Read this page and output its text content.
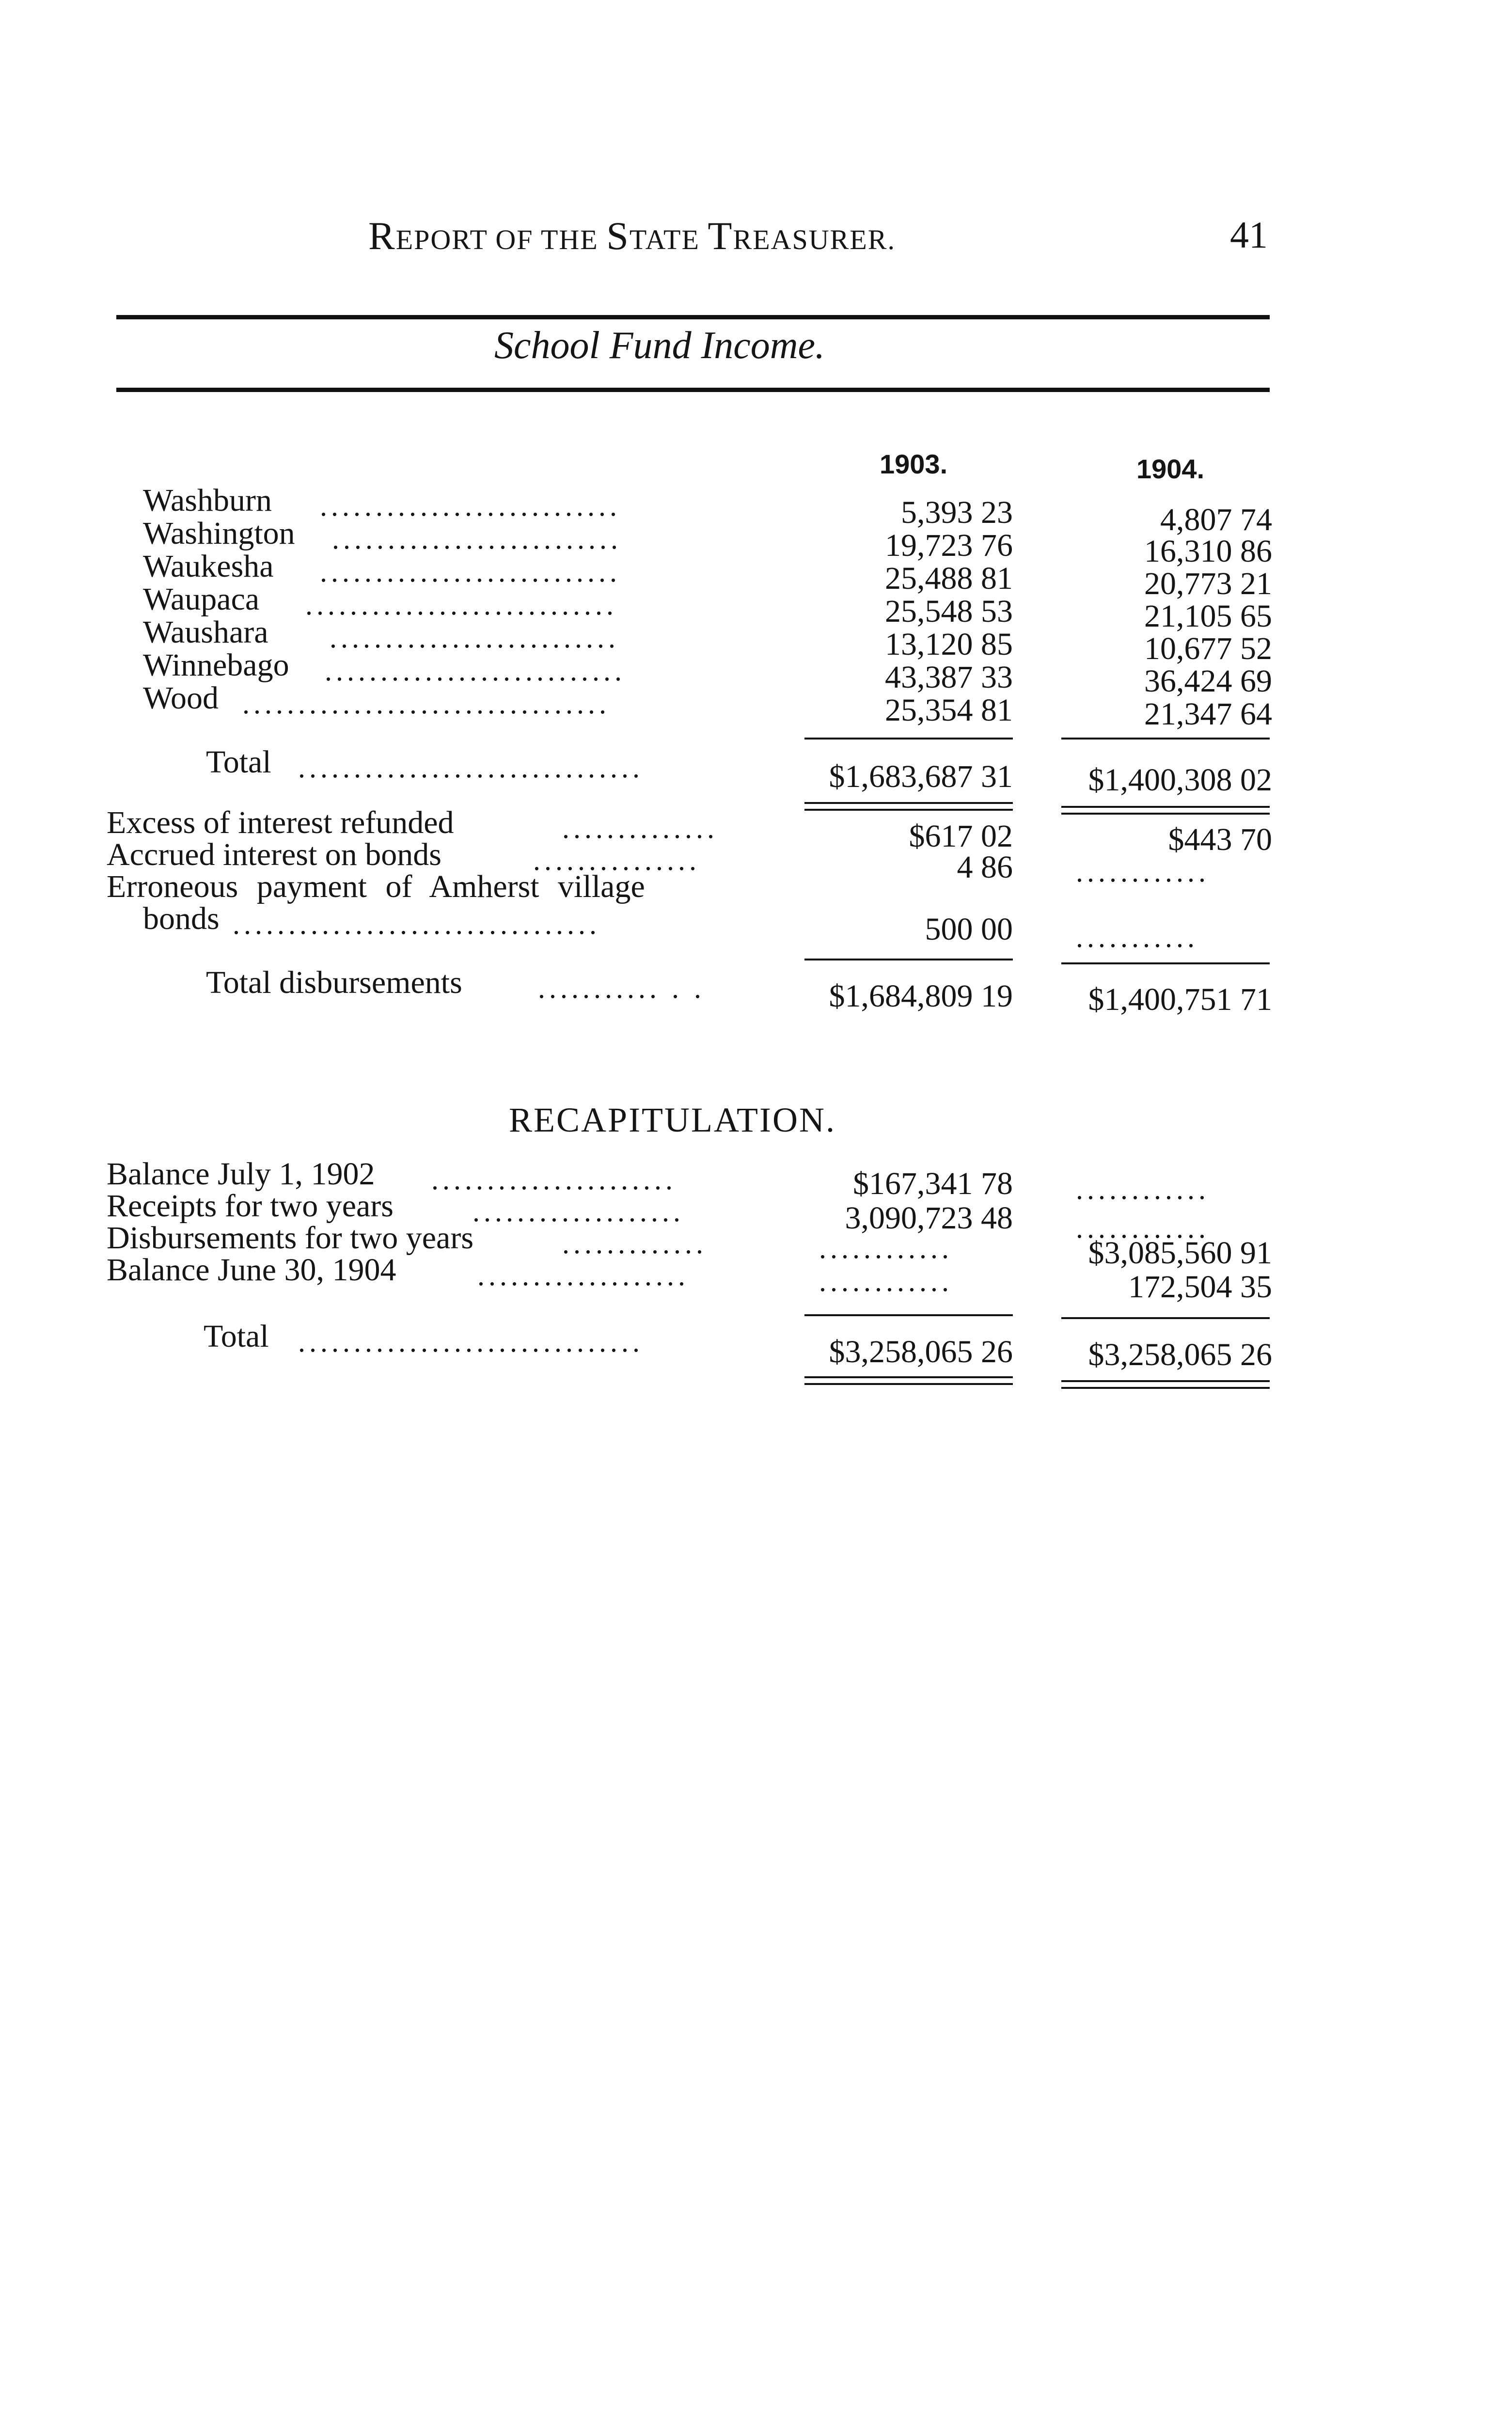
REPORT OF THE STATE TREASURER.	41
School Fund Income.
1903.	1904.
Washburn ...........................	5,393 23	4,807 74
Washington ..........................	19,723 76	16,310 86
Waukesha ...........................	25,488 81	20,773 21
Waupaca ............................	25,548 53	21,105 65
Waushara ..........................	13,120 85	10,677 52
Winnebago ...........................	43,387 33	36,424 69
Wood .................................	25,354 81	21,347 64
Total ...............................	$1,683,687 31	$1,400,308 02
Excess of interest refunded	..............	$617 02	$443 70
Accrued interest on bonds	...............	4 86 ............
Erroneous payment of Amherst village
bonds .................................	500 00 ...........
Total disbursements	........... . .	$1,684,809 19	$1,400,751 71
RECAPITULATION.
Balance July 1, 1902 ......................	$167,341 78 ............
Receipts for two years	...................	3,090,723 48 ............
Disbursements for two years	.............	............	$3,085,560 91
Balance June 30, 1904	...................	............	172,504 35
Total ...............................	$3,258,065 26	$3,258,065 26
